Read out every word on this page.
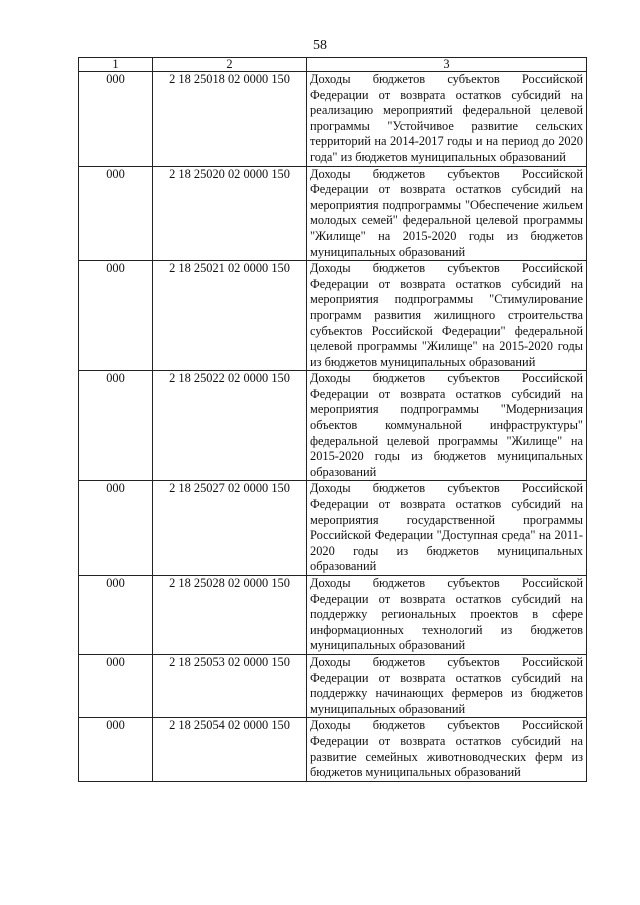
58
1	2	3
000	2 18 25018 02 0000 150	Доходы бюджетов субъектов Российской Федерации от возврата остатков субсидий на реализацию мероприятий федеральной целевой программы "Устойчивое развитие сельских территорий на 2014-2017 годы и на период до 2020 года" из бюджетов муниципальных образований
000	2 18 25020 02 0000 150	Доходы бюджетов субъектов Российской Федерации от возврата остатков субсидий на мероприятия подпрограммы "Обеспечение жильем молодых семей" федеральной целевой программы "Жилище" на 2015-2020 годы из бюджетов муниципальных образований
000	2 18 25021 02 0000 150	Доходы бюджетов субъектов Российской Федерации от возврата остатков субсидий на мероприятия подпрограммы "Стимулирование программ развития жилищного строительства субъектов Российской Федерации" федеральной целевой программы "Жилище" на 2015-2020 годы из бюджетов муниципальных образований
000	2 18 25022 02 0000 150	Доходы бюджетов субъектов Российской Федерации от возврата остатков субсидий на мероприятия подпрограммы "Модернизация объектов коммунальной инфраструктуры" федеральной целевой программы "Жилище" на 2015-2020 годы из бюджетов муниципальных образований
000	2 18 25027 02 0000 150	Доходы бюджетов субъектов Российской Федерации от возврата остатков субсидий на мероприятия государственной программы Российской Федерации "Доступная среда" на 2011-2020 годы из бюджетов муниципальных образований
000	2 18 25028 02 0000 150	Доходы бюджетов субъектов Российской Федерации от возврата остатков субсидий на поддержку региональных проектов в сфере информационных технологий из бюджетов муниципальных образований
000	2 18 25053 02 0000 150	Доходы бюджетов субъектов Российской Федерации от возврата остатков субсидий на поддержку начинающих фермеров из бюджетов муниципальных образований
000	2 18 25054 02 0000 150	Доходы бюджетов субъектов Российской Федерации от возврата остатков субсидий на развитие семейных животноводческих ферм из бюджетов муниципальных образований
